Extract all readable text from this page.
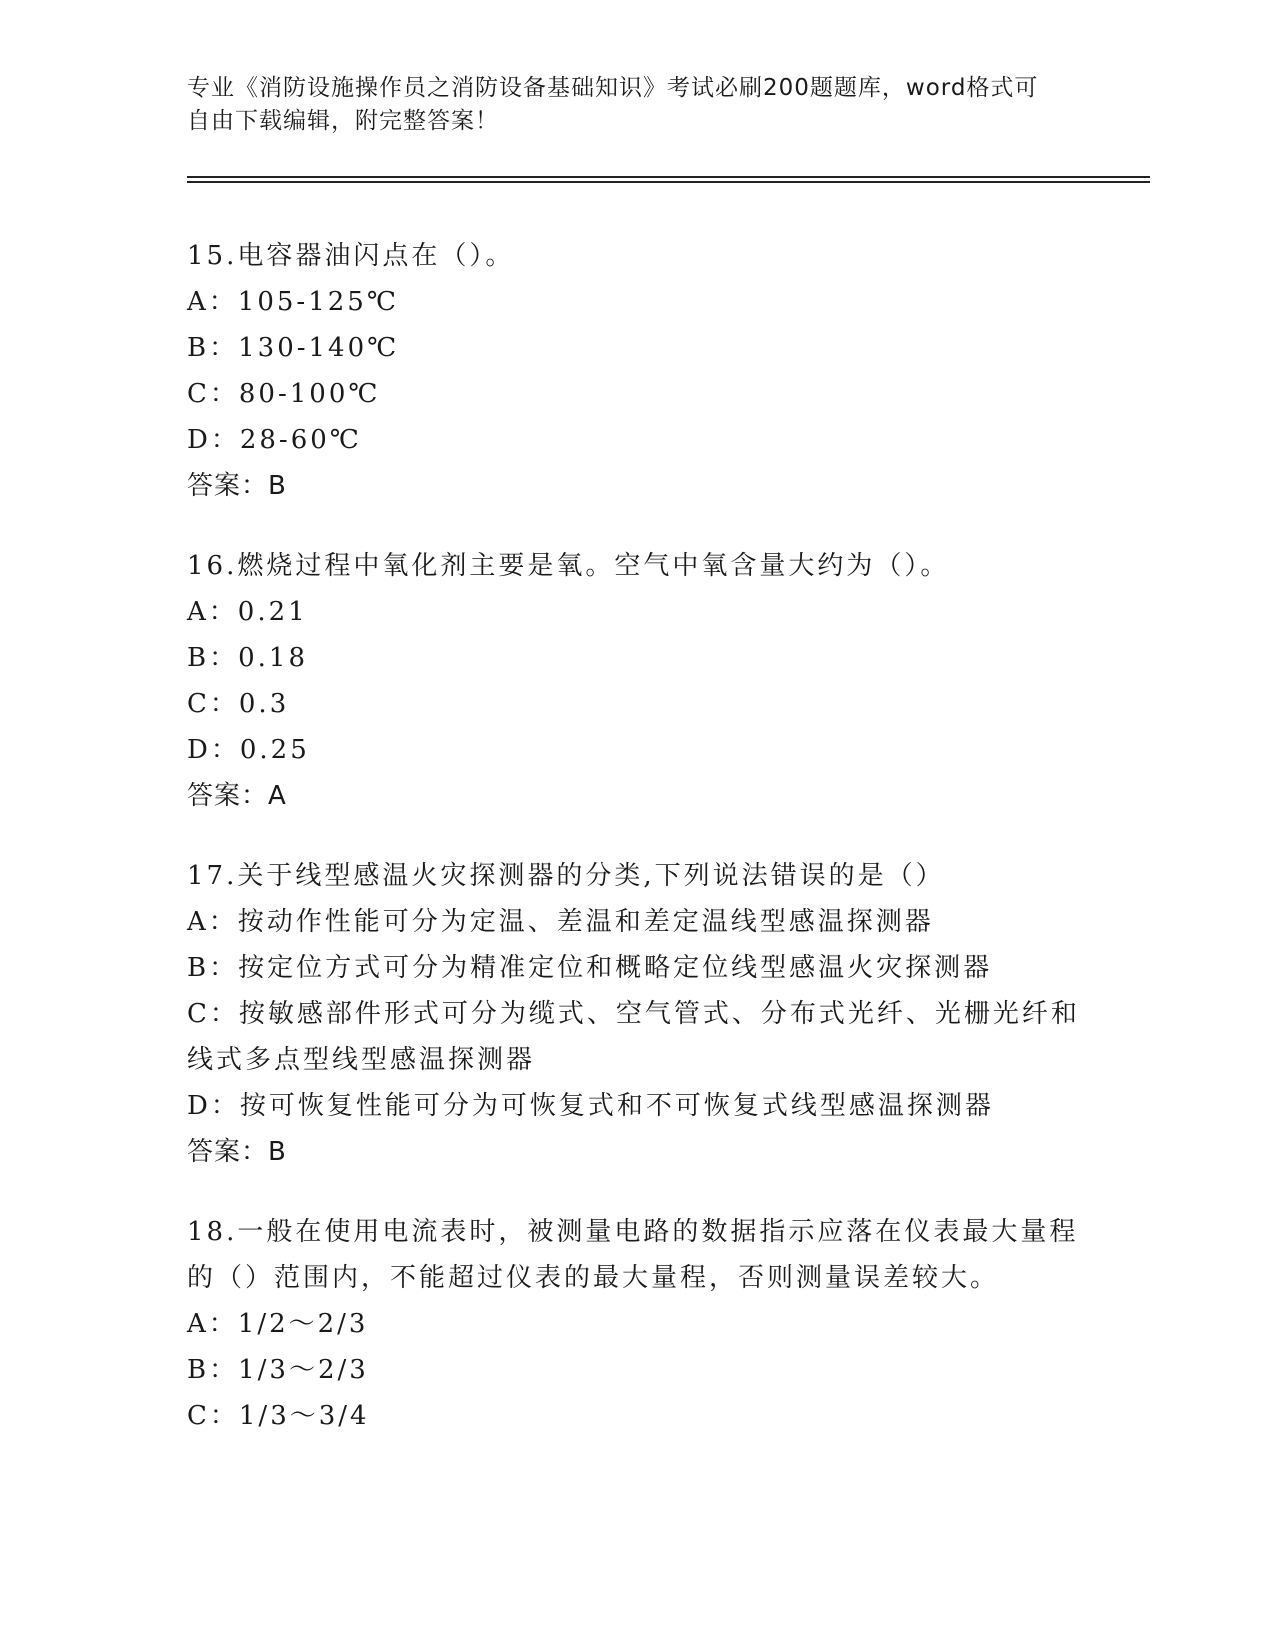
专业《消防设施操作员之消防设备基础知识》考试必刷200题题库，word格式可
自由下载编辑，附完整答案！
15.电容器油闪点在（）。
A：105-125℃
B：130-140℃
C：80-100℃
D：28-60℃
答案：B
16.燃烧过程中氧化剂主要是氧。空气中氧含量大约为（）。
A：0.21
B：0.18
C：0.3
D：0.25
答案：A
17.关于线型感温火灾探测器的分类,下列说法错误的是（）
A：按动作性能可分为定温、差温和差定温线型感温探测器
B：按定位方式可分为精准定位和概略定位线型感温火灾探测器
C：按敏感部件形式可分为缆式、空气管式、分布式光纤、光栅光纤和线式多点型线型感温探测器
D：按可恢复性能可分为可恢复式和不可恢复式线型感温探测器
答案：B
18.一般在使用电流表时，被测量电路的数据指示应落在仪表最大量程的（）范围内，不能超过仪表的最大量程，否则测量误差较大。
A：1/2～2/3
B：1/3～2/3
C：1/3～3/4
